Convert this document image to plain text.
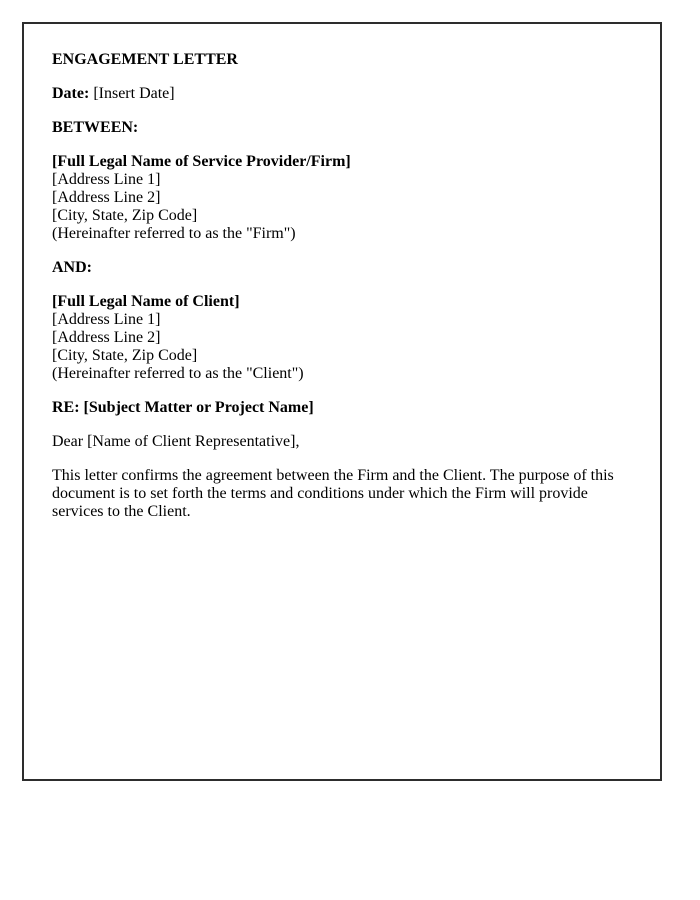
ENGAGEMENT LETTER
Date: [Insert Date]
BETWEEN:
[Full Legal Name of Service Provider/Firm]
[Address Line 1]
[Address Line 2]
[City, State, Zip Code]
(Hereinafter referred to as the "Firm")
AND:
[Full Legal Name of Client]
[Address Line 1]
[Address Line 2]
[City, State, Zip Code]
(Hereinafter referred to as the "Client")
RE: [Subject Matter or Project Name]
Dear [Name of Client Representative],
This letter confirms the agreement between the Firm and the Client. The purpose of this document is to set forth the terms and conditions under which the Firm will provide services to the Client.
